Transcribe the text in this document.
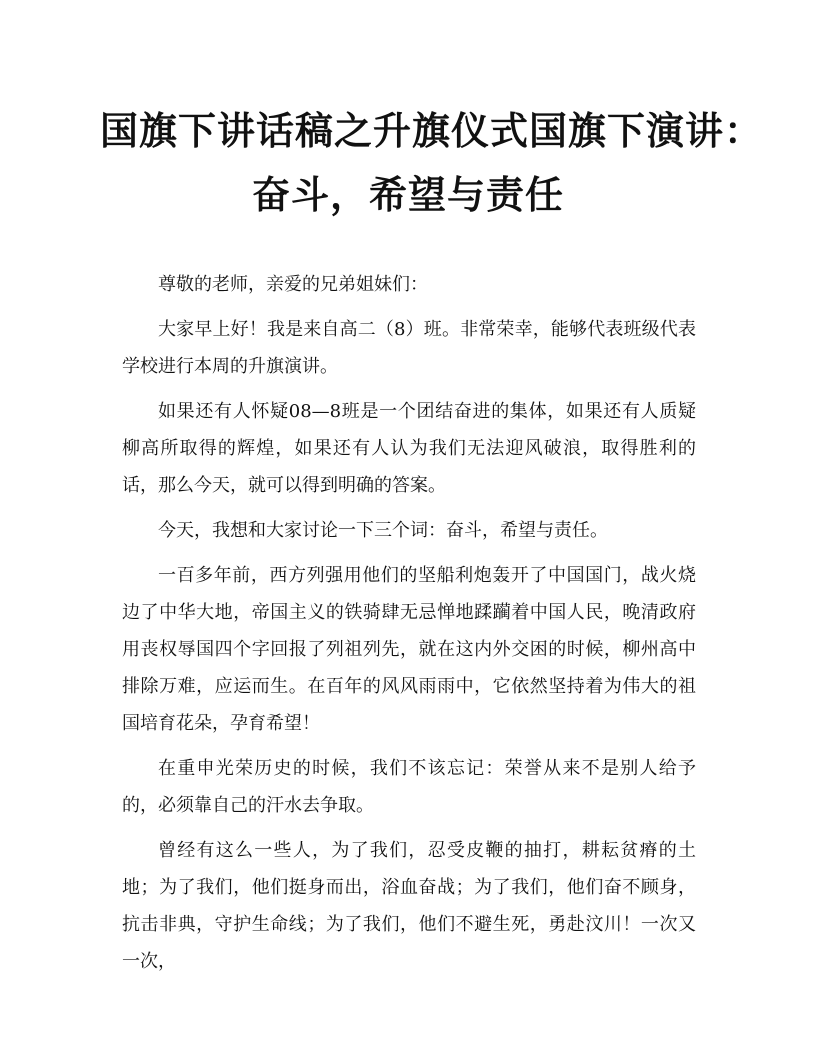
国旗下讲话稿之升旗仪式国旗下演讲：
奋斗，希望与责任

尊敬的老师，亲爱的兄弟姐妹们：

大家早上好！我是来自高二（8）班。非常荣幸，能够代表班级代表学校进行本周的升旗演讲。

如果还有人怀疑08—8班是一个团结奋进的集体，如果还有人质疑柳高所取得的辉煌，如果还有人认为我们无法迎风破浪，取得胜利的话，那么今天，就可以得到明确的答案。

今天，我想和大家讨论一下三个词：奋斗，希望与责任。

一百多年前，西方列强用他们的坚船利炮轰开了中国国门，战火烧边了中华大地，帝国主义的铁骑肆无忌惮地蹂躏着中国人民，晚清政府用丧权辱国四个字回报了列祖列先，就在这内外交困的时候，柳州高中排除万难，应运而生。在百年的风风雨雨中，它依然坚持着为伟大的祖国培育花朵，孕育希望！

在重申光荣历史的时候，我们不该忘记：荣誉从来不是别人给予的，必须靠自己的汗水去争取。

曾经有这么一些人，为了我们，忍受皮鞭的抽打，耕耘贫瘠的土地；为了我们，他们挺身而出，浴血奋战；为了我们，他们奋不顾身，抗击非典，守护生命线；为了我们，他们不避生死，勇赴汶川！一次又一次，
